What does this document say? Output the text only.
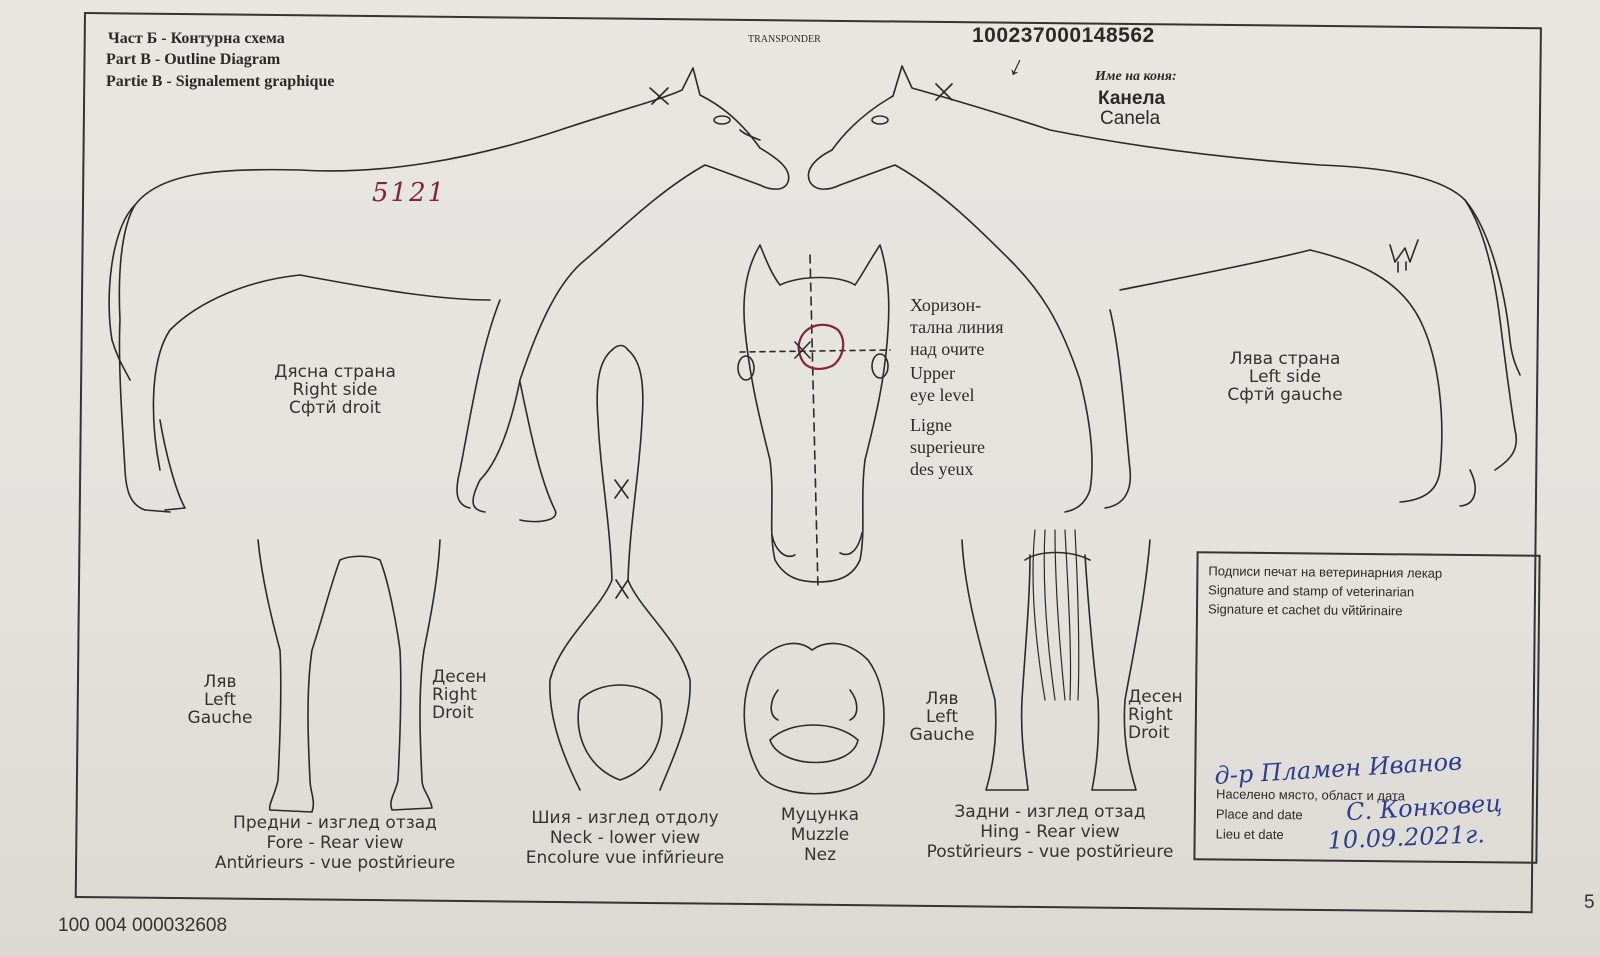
Част Б - Контурна схема
Part B - Outline Diagram
Partie B - Signalement graphique
TRANSPONDER	100237000148562
↓	Име на коня:
Канела
Canela
5121
Дясна страна
Right side
Cфтй droit
Лява страна
Left side
Cфтй gauche
Хоризон-
тална линия
над очите
Upper
eye level
Ligne
superieure
des yeux
Ляв
Left
Gauche
Десен
Right
Droit
Предни - изглед отзад
Fore - Rear view
Antйrieurs - vue postйrieure
Шия - изглед отдолу
Neck - lower view
Encolure vue infйrieure
Муцунка
Muzzle
Nez
Ляв
Left
Gauche
Десен
Right
Droit
Задни - изглед отзад
Hing - Rear view
Postйrieurs - vue postйrieure
Подписи печат на ветеринарния лекар
Signature and stamp of veterinarian
Signature et cachet du vйtйrinaire
д-р Пламен Иванов
Населено място, област и дата
Place and date
Lieu et date
С. Конковец
10.09.2021г.
100 004 000032608
5
